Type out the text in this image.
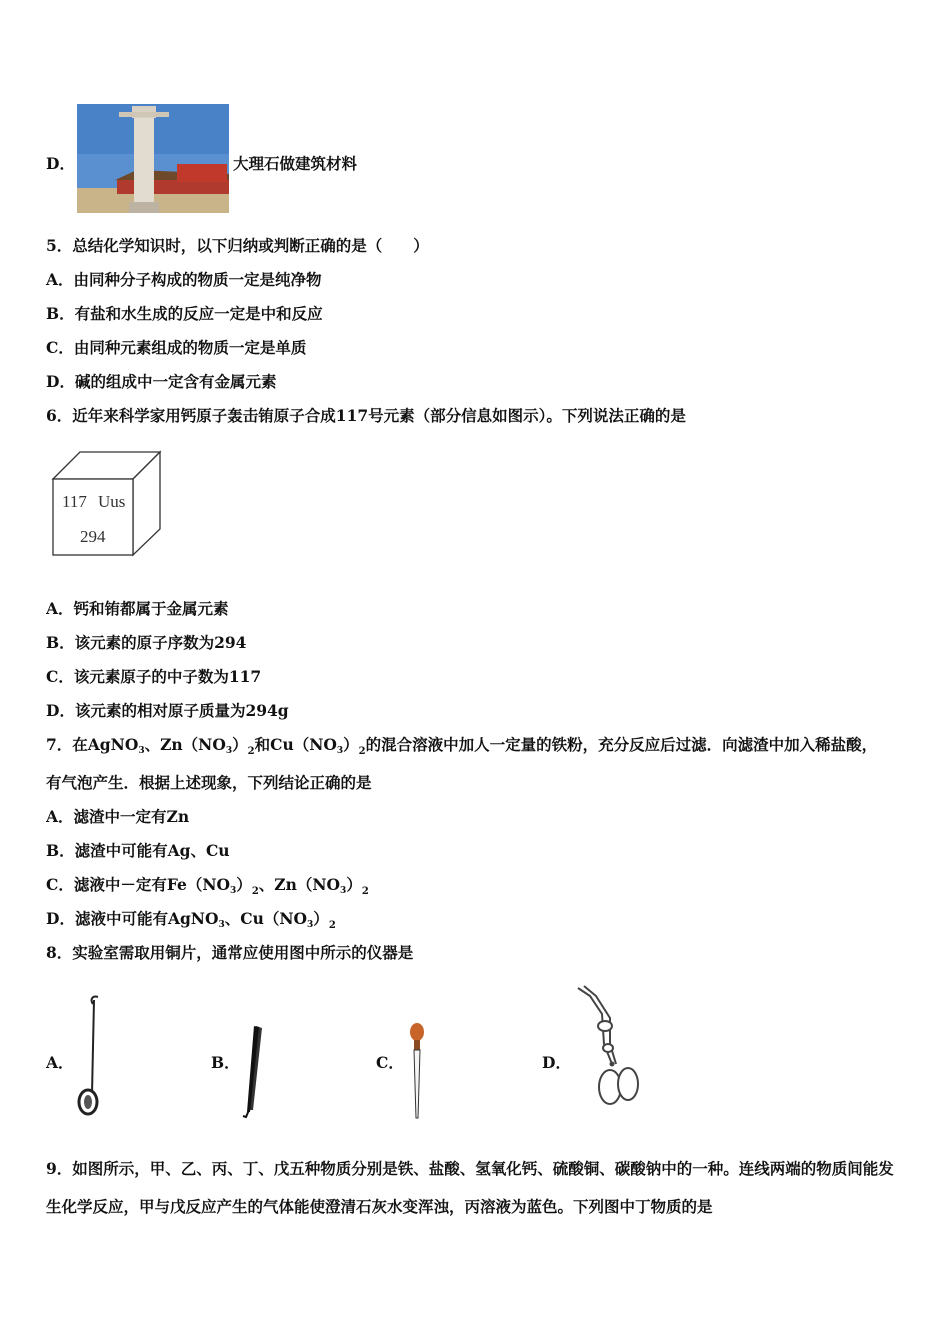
D．	大理石做建筑材料
5．总结化学知识时，以下归纳或判断正确的是（　　）
A．由同种分子构成的物质一定是纯净物
B．有盐和水生成的反应一定是中和反应
C．由同种元素组成的物质一定是单质
D．碱的组成中一定含有金属元素
6．近年来科学家用钙原子轰击铕原子合成117号元素（部分信息如图示）。下列说法正确的是
117 Uus
294
A．钙和铕都属于金属元素
B．该元素的原子序数为294
C．该元素原子的中子数为117
D．该元素的相对原子质量为294g
7．在AgNO$_3$、$Zn(NO_3)_2$和$Cu(NO_3)_2$的混合溶液中加人一定量的铁粉，充分反应后过滤．向滤渣中加入稀盐酸，
有气泡产生．根据上述现象，下列结论正确的是
A．滤渣中一定有Zn
B．滤渣中可能有Ag、Cu
C．滤液中－定有$Fe(NO_3)_2$、$Zn(NO_3)_2$
D．滤液中可能有AgNO$_3$、$Cu(NO_3)_2$
8．实验室需取用铜片，通常应使用图中所示的仪器是
A．	B．	C．	D．
9．如图所示，甲、乙、丙、丁、戊五种物质分别是铁、盐酸、氢氧化钙、硫酸铜、碳酸钠中的一种。连线两端的物质间能发
生化学反应，甲与戊反应产生的气体能使澄清石灰水变浑浊，丙溶液为蓝色。下列图中丁物质的是
